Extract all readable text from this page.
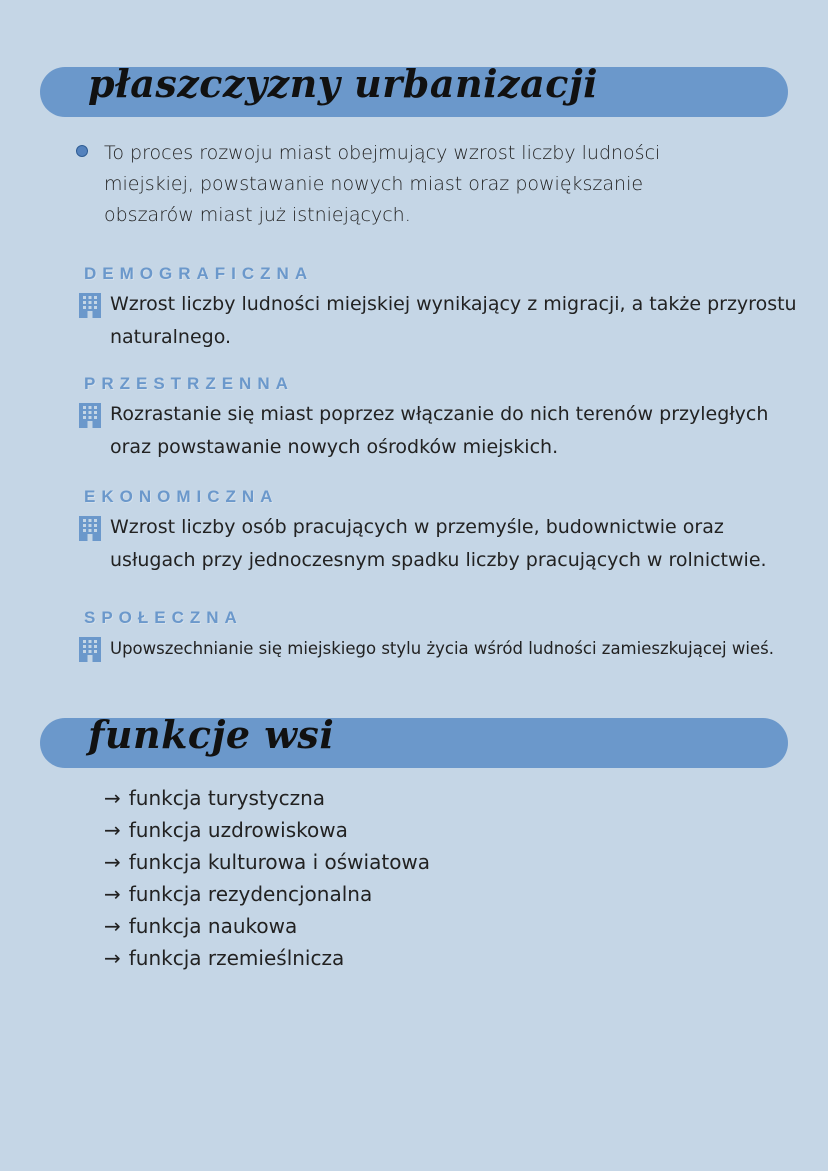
płaszczyzny urbanizacji
To proces rozwoju miast obejmujący wzrost liczby ludności miejskiej, powstawanie nowych miast oraz powiększanie obszarów miast już istniejących.
DEMOGRAFICZNA
Wzrost liczby ludności miejskiej wynikający z migracji, a także przyrostu naturalnego.
PRZESTRZENNA
Rozrastanie się miast poprzez włączanie do nich terenów przyległych oraz powstawanie nowych ośrodków miejskich.
EKONOMICZNA
Wzrost liczby osób pracujących w przemyśle, budownictwie oraz usługach przy jednoczesnym spadku liczby pracujących w rolnictwie.
SPOŁECZNA
Upowszechnianie się miejskiego stylu życia wśród ludności zamieszkującej wieś.
funkcje wsi
→ funkcja turystyczna
→ funkcja uzdrowiskowa
→ funkcja kulturowa i oświatowa
→ funkcja rezydencjonalna
→ funkcja naukowa
→ funkcja rzemieślnicza
